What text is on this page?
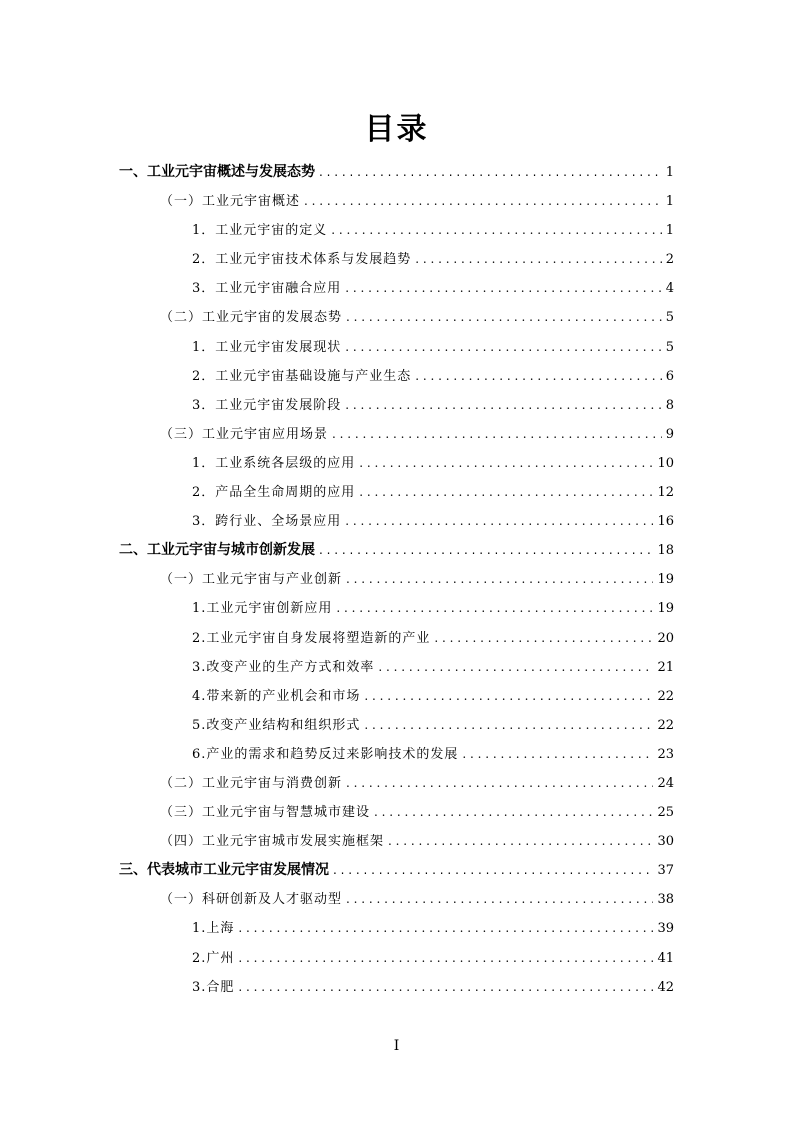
目录
一、工业元宇宙概述与发展态势 . . .	1
（一）工业元宇宙概述 . . .	1
1．工业元宇宙的定义 . . .	1
2．工业元宇宙技术体系与发展趋势 . . .	2
3．工业元宇宙融合应用 . . .	4
（二）工业元宇宙的发展态势 . . .	5
1．工业元宇宙发展现状 . . .	5
2．工业元宇宙基础设施与产业生态 . . .	6
3．工业元宇宙发展阶段 . . .	8
（三）工业元宇宙应用场景 . . .	9
1．工业系统各层级的应用 . . .	10
2．产品全生命周期的应用 . . .	12
3．跨行业、全场景应用 . . .	16
二、工业元宇宙与城市创新发展 . . .	18
（一）工业元宇宙与产业创新 . . .	19
1.工业元宇宙创新应用 . . .	19
2.工业元宇宙自身发展将塑造新的产业 . . .	20
3.改变产业的生产方式和效率 . . .	21
4.带来新的产业机会和市场 . . .	22
5.改变产业结构和组织形式 . . .	22
6.产业的需求和趋势反过来影响技术的发展 . . .	23
（二）工业元宇宙与消费创新 . . .	24
（三）工业元宇宙与智慧城市建设 . . .	25
（四）工业元宇宙城市发展实施框架 . . .	30
三、代表城市工业元宇宙发展情况 . . .	37
（一）科研创新及人才驱动型 . . .	38
1.上海 . . .	39
2.广州 . . .	41
3.合肥 . . .	42
I
